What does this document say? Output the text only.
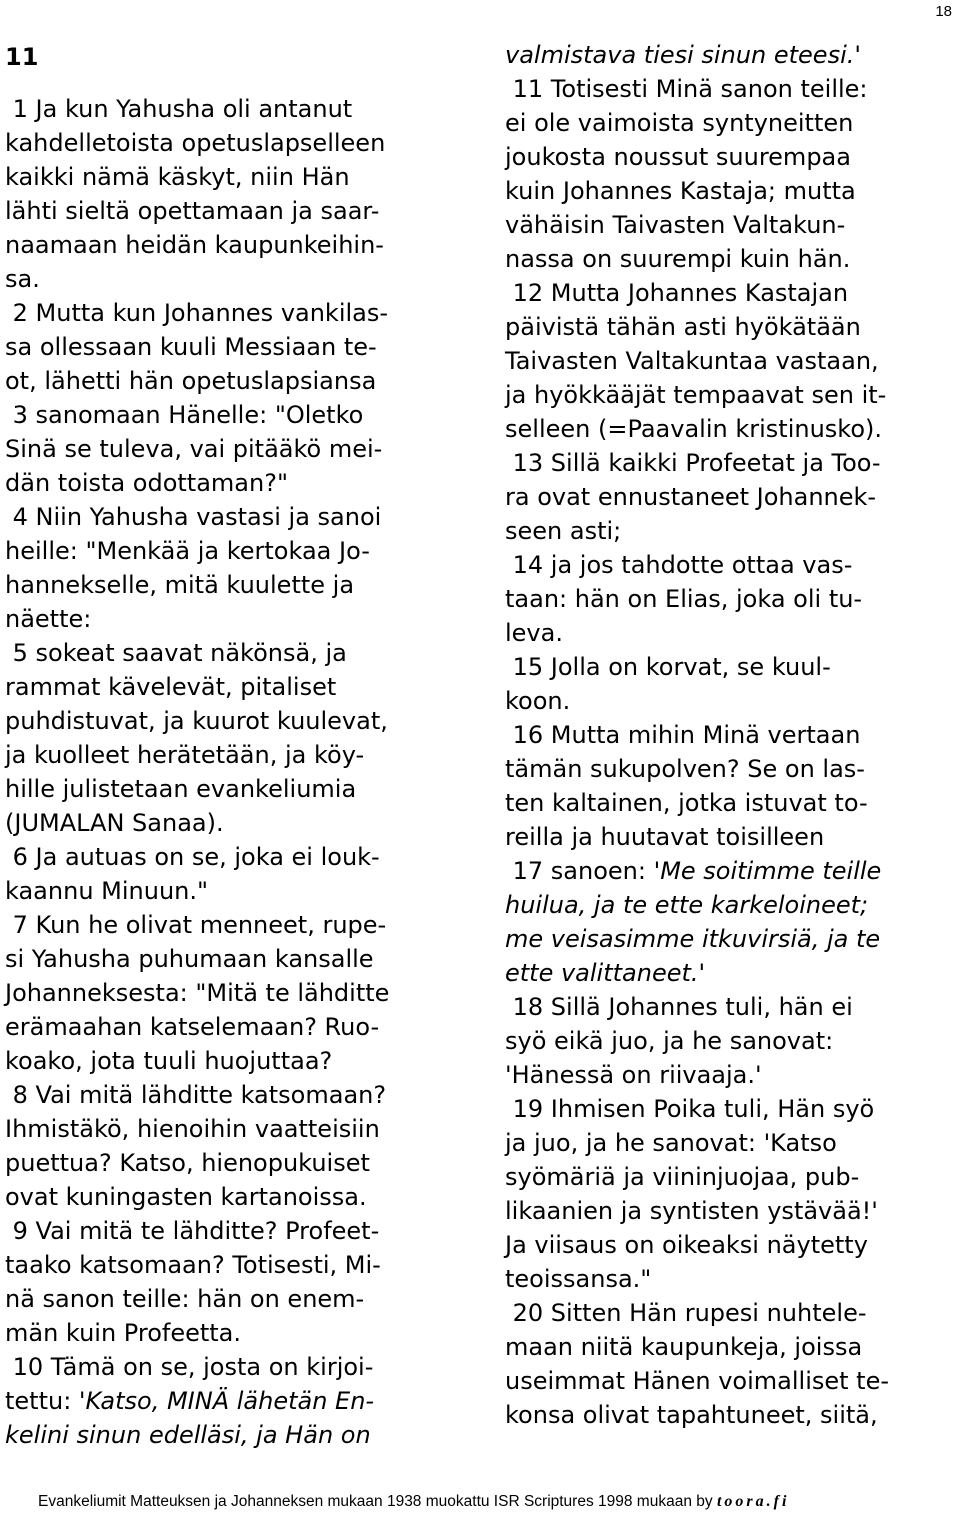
18
11
1 Ja kun Yahusha oli antanut
kahdelletoista opetuslapselleen
kaikki nämä käskyt, niin Hän
lähti sieltä opettamaan ja saar-
naamaan heidän kaupunkeihin-
sa.
2 Mutta kun Johannes vankilas-
sa ollessaan kuuli Messiaan te-
ot, lähetti hän opetuslapsiansa
3 sanomaan Hänelle: "Oletko
Sinä se tuleva, vai pitääkö mei-
dän toista odottaman?"
4 Niin Yahusha vastasi ja sanoi
heille: "Menkää ja kertokaa Jo-
hannekselle, mitä kuulette ja
näette:
5 sokeat saavat näkönsä, ja
rammat kävelevät, pitaliset
puhdistuvat, ja kuurot kuulevat,
ja kuolleet herätetään, ja köy-
hille julistetaan evankeliumia
(JUMALAN Sanaa).
6 Ja autuas on se, joka ei louk-
kaannu Minuun."
7 Kun he olivat menneet, rupe-
si Yahusha puhumaan kansalle
Johanneksesta: "Mitä te lähditte
erämaahan katselemaan? Ruo-
koako, jota tuuli huojuttaa?
8 Vai mitä lähditte katsomaan?
Ihmistäkö, hienoihin vaatteisiin
puettua? Katso, hienopukuiset
ovat kuningasten kartanoissa.
9 Vai mitä te lähditte? Profeet-
taako katsomaan? Totisesti, Mi-
nä sanon teille: hän on enem-
män kuin Profeetta.
10 Tämä on se, josta on kirjoi-
tettu: 'Katso, MINÄ lähetän En-
kelini sinun edelläsi, ja Hän on
valmistava tiesi sinun eteesi.'
11 Totisesti Minä sanon teille:
ei ole vaimoista syntyneitten
joukosta noussut suurempaa
kuin Johannes Kastaja; mutta
vähäisin Taivasten Valtakun-
nassa on suurempi kuin hän.
12 Mutta Johannes Kastajan
päivistä tähän asti hyökätään
Taivasten Valtakuntaa vastaan,
ja hyökkääjät tempaavat sen it-
selleen (=Paavalin kristinusko).
13 Sillä kaikki Profeetat ja Too-
ra ovat ennustaneet Johannek-
seen asti;
14 ja jos tahdotte ottaa vas-
taan: hän on Elias, joka oli tu-
leva.
15 Jolla on korvat, se kuul-
koon.
16 Mutta mihin Minä vertaan
tämän sukupolven? Se on las-
ten kaltainen, jotka istuvat to-
reilla ja huutavat toisilleen
17 sanoen: 'Me soitimme teille
huilua, ja te ette karkeloineet;
me veisasimme itkuvirsiä, ja te
ette valittaneet.'
18 Sillä Johannes tuli, hän ei
syö eikä juo, ja he sanovat:
'Hänessä on riivaaja.'
19 Ihmisen Poika tuli, Hän syö
ja juo, ja he sanovat: 'Katso
syömäriä ja viininjuojaa, pub-
likaanien ja syntisten ystävää!'
Ja viisaus on oikeaksi näytetty
teoissansa."
20 Sitten Hän rupesi nuhtele-
maan niitä kaupunkeja, joissa
useimmat Hänen voimalliset te-
konsa olivat tapahtuneet, siitä,
Evankeliumit Matteuksen ja Johanneksen mukaan 1938 muokattu ISR Scriptures 1998 mukaan by toora.fi
